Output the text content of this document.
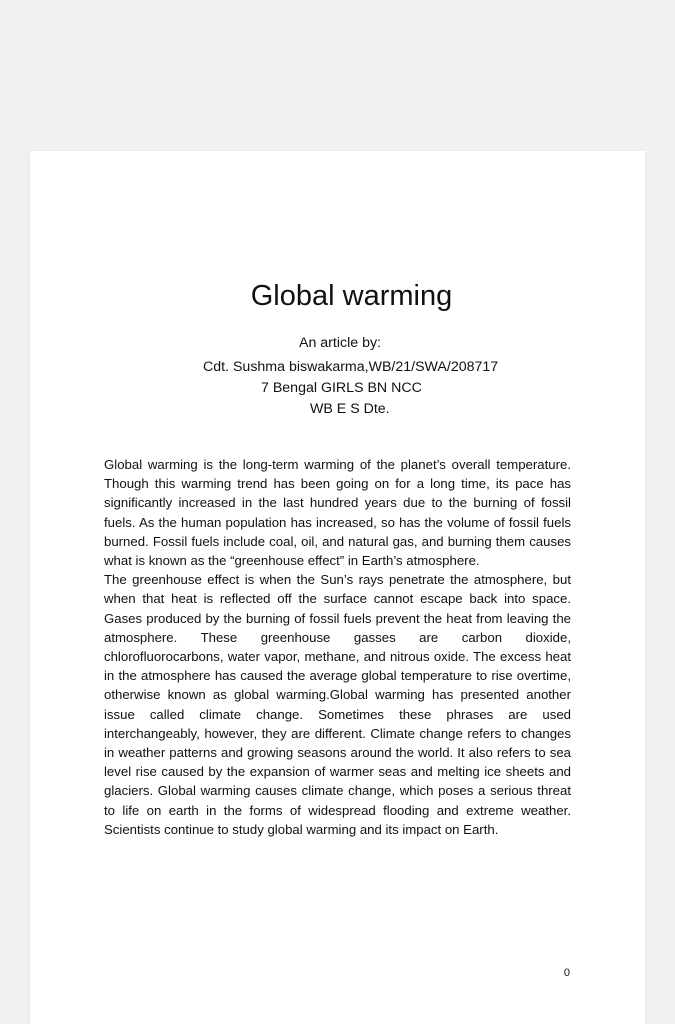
Global warming
An article by:
Cdt. Sushma biswakarma,WB/21/SWA/208717
7 Bengal GIRLS BN NCC
WB E S Dte.

Global warming is the long-term warming of the planet’s overall temperature. Though this warming trend has been going on for a long time, its pace has significantly increased in the last hundred years due to the burning of fossil fuels. As the human population has increased, so has the volume of fossil fuels burned. Fossil fuels include coal, oil, and natural gas, and burning them causes what is known as the “greenhouse effect” in Earth’s atmosphere.

The greenhouse effect is when the Sun’s rays penetrate the atmosphere, but when that heat is reflected off the surface cannot escape back into space. Gases produced by the burning of fossil fuels prevent the heat from leaving the atmosphere. These greenhouse gasses are carbon dioxide, chlorofluorocarbons, water vapor, methane, and nitrous oxide. The excess heat in the atmosphere has caused the average global temperature to rise overtime, otherwise known as global warming.Global warming has presented another issue called climate change. Sometimes these phrases are used interchangeably, however, they are different. Climate change refers to changes in weather patterns and growing seasons around the world. It also refers to sea level rise caused by the expansion of warmer seas and melting ice sheets and glaciers. Global warming causes climate change, which poses a serious threat to life on earth in the forms of widespread flooding and extreme weather. Scientists continue to study global warming and its impact on Earth.

0
